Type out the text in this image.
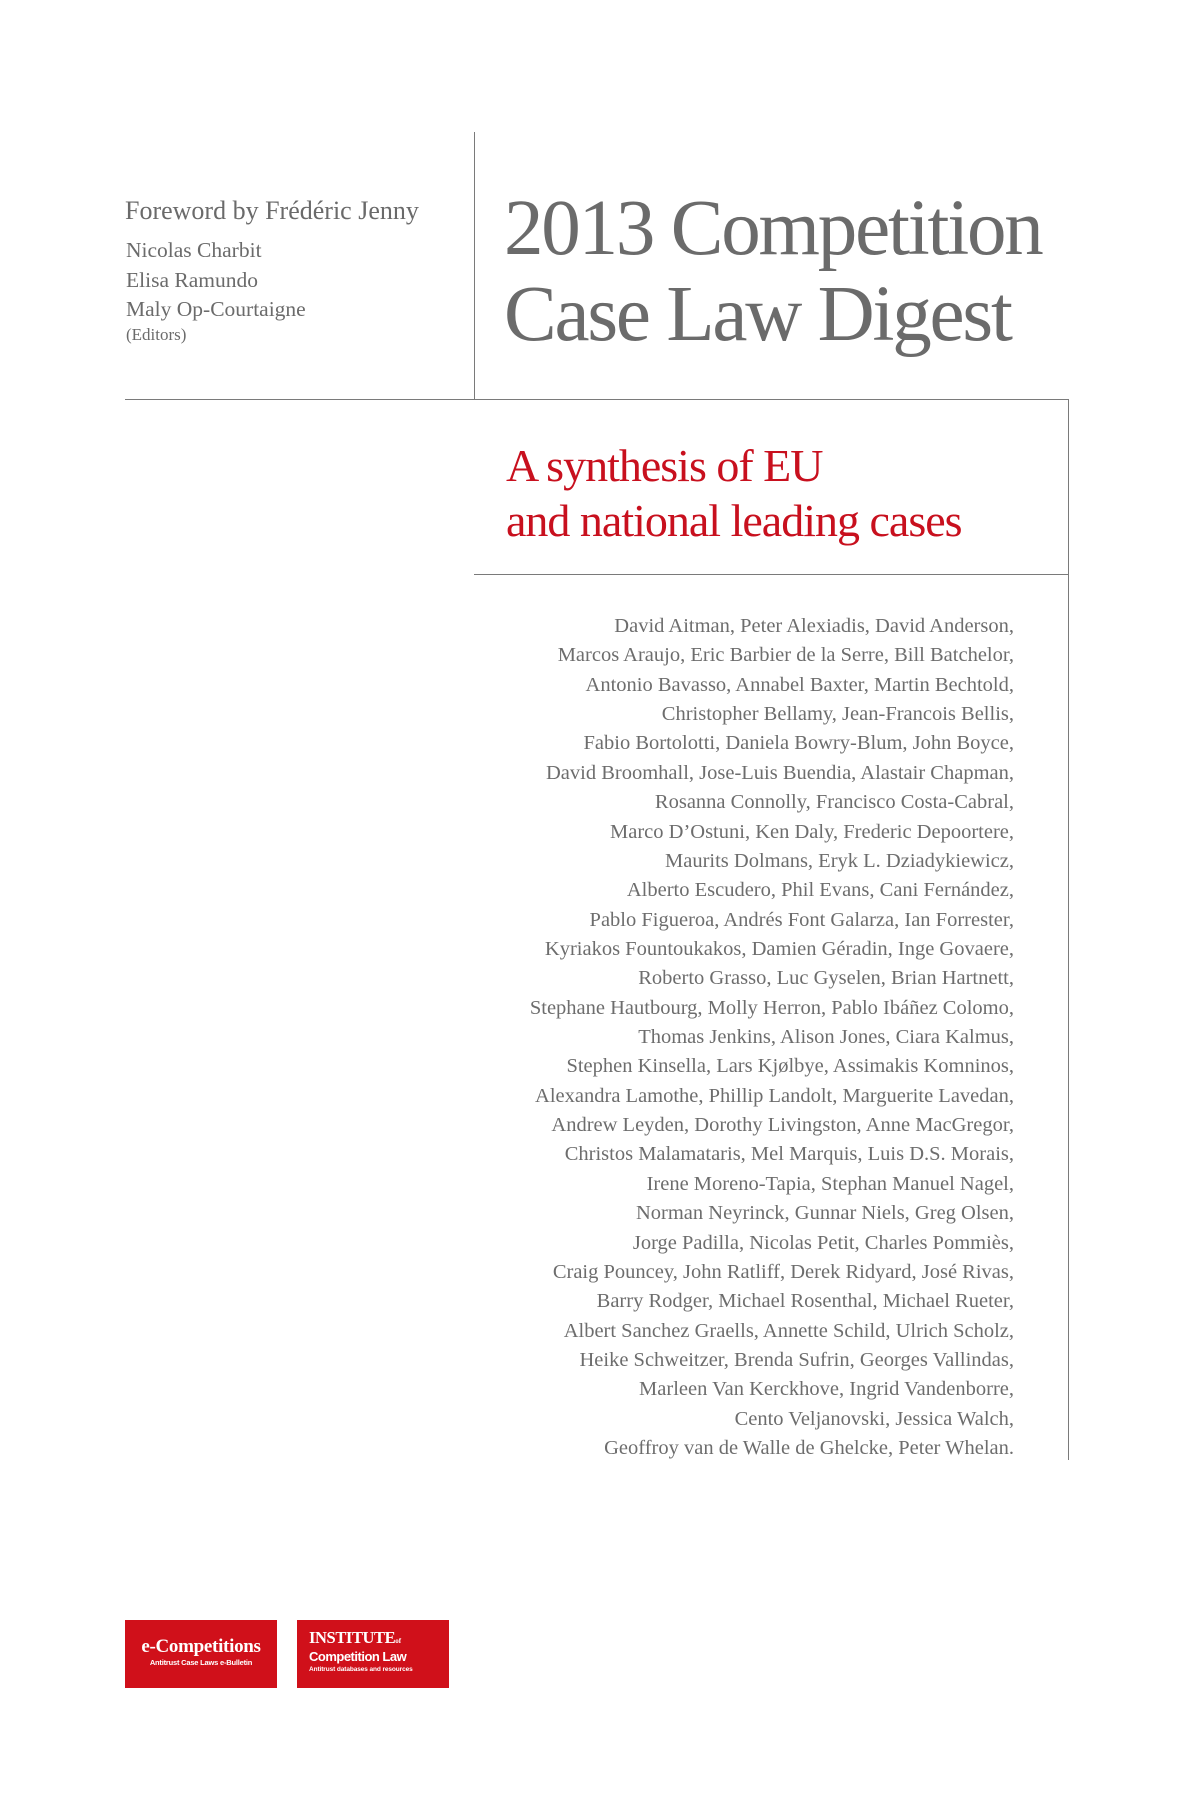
Foreword by Frédéric Jenny
Nicolas Charbit
Elisa Ramundo
Maly Op-Courtaigne
(Editors)
2013 Competition
Case Law Digest
A synthesis of EU
and national leading cases
David Aitman, Peter Alexiadis, David Anderson,
Marcos Araujo, Eric Barbier de la Serre, Bill Batchelor,
Antonio Bavasso, Annabel Baxter, Martin Bechtold,
Christopher Bellamy, Jean-Francois Bellis,
Fabio Bortolotti, Daniela Bowry-Blum, John Boyce,
David Broomhall, Jose-Luis Buendia, Alastair Chapman,
Rosanna Connolly, Francisco Costa-Cabral,
Marco D’Ostuni, Ken Daly, Frederic Depoortere,
Maurits Dolmans, Eryk L. Dziadykiewicz,
Alberto Escudero, Phil Evans, Cani Fernández,
Pablo Figueroa, Andrés Font Galarza, Ian Forrester,
Kyriakos Fountoukakos, Damien Géradin, Inge Govaere,
Roberto Grasso, Luc Gyselen, Brian Hartnett,
Stephane Hautbourg, Molly Herron, Pablo Ibáñez Colomo,
Thomas Jenkins, Alison Jones, Ciara Kalmus,
Stephen Kinsella, Lars Kjølbye, Assimakis Komninos,
Alexandra Lamothe, Phillip Landolt, Marguerite Lavedan,
Andrew Leyden, Dorothy Livingston, Anne MacGregor,
Christos Malamataris, Mel Marquis, Luis D.S. Morais,
Irene Moreno-Tapia, Stephan Manuel Nagel,
Norman Neyrinck, Gunnar Niels, Greg Olsen,
Jorge Padilla, Nicolas Petit, Charles Pommiès,
Craig Pouncey, John Ratliff, Derek Ridyard, José Rivas,
Barry Rodger, Michael Rosenthal, Michael Rueter,
Albert Sanchez Graells, Annette Schild, Ulrich Scholz,
Heike Schweitzer, Brenda Sufrin, Georges Vallindas,
Marleen Van Kerckhove, Ingrid Vandenborre,
Cento Veljanovski, Jessica Walch,
Geoffroy van de Walle de Ghelcke, Peter Whelan.
e-Competitions
Antitrust Case Laws e-Bulletin
INSTITUTEof
Competition Law
Antitrust databases and resources
